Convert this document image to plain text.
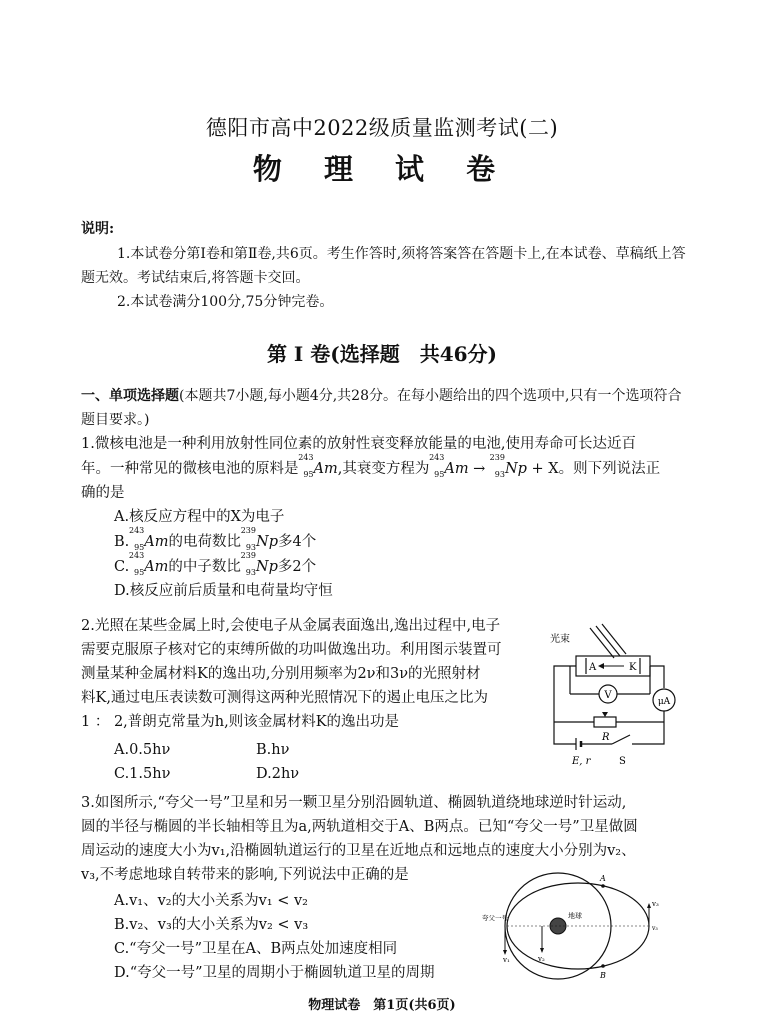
德阳市高中2022级质量监测考试(二)
物 理 试 卷
说明:
1.本试卷分第Ⅰ卷和第Ⅱ卷,共6页。考生作答时,须将答案答在答题卡上,在本试卷、草稿纸上答题无效。考试结束后,将答题卡交回。
2.本试卷满分100分,75分钟完卷。
第 Ⅰ 卷(选择题　共46分)
一、单项选择题(本题共7小题,每小题4分,共28分。在每小题给出的四个选项中,只有一个选项符合题目要求。)
1.微核电池是一种利用放射性同位素的放射性衰变释放能量的电池,使用寿命可长达近百
年。一种常见的微核电池的原料是
243
95 Am,其衰变方程为
243
95 Am →
239
93 Np + X。则下列说法正
确的是
A.核反应方程中的X为电子
B.
243
95 Am的电荷数比
239
93 Np多4个
C.
243
95 Am的中子数比
239
93 Np多2个
D.核反应前后质量和电荷量均守恒
2.光照在某些金属上时,会使电子从金属表面逸出,逸出过程中,电子
需要克服原子核对它的束缚所做的功叫做逸出功。利用图示装置可
测量某种金属材料K的逸出功,分别用频率为2ν和3ν的光照射材
料K,通过电压表读数可测得这两种光照情况下的遏止电压之比为
1 ： 2,普朗克常量为h,则该金属材料K的逸出功是
A.0.5hν	B.hν
C.1.5hν	D.2hν
光束
A	K
μA
V
R
E, r	S
3.如图所示,“夸父一号”卫星和另一颗卫星分别沿圆轨道、椭圆轨道绕地球逆时针运动,
圆的半径与椭圆的半长轴相等且为a,两轨道相交于A、B两点。已知“夸父一号”卫星做圆
周运动的速度大小为v₁,沿椭圆轨道运行的卫星在近地点和远地点的速度大小分别为v₂、
v₃,不考虑地球自转带来的影响,下列说法中正确的是
A.v₁、v₂的大小关系为v₁ < v₂
B.v₂、v₃的大小关系为v₂ < v₃
C.“夸父一号”卫星在A、B两点处加速度相同
D.“夸父一号”卫星的周期小于椭圆轨道卫星的周期
地球
A
B
夸父一号
v₁	v₂
v₃
v₃
物理试卷　第1页(共6页)
